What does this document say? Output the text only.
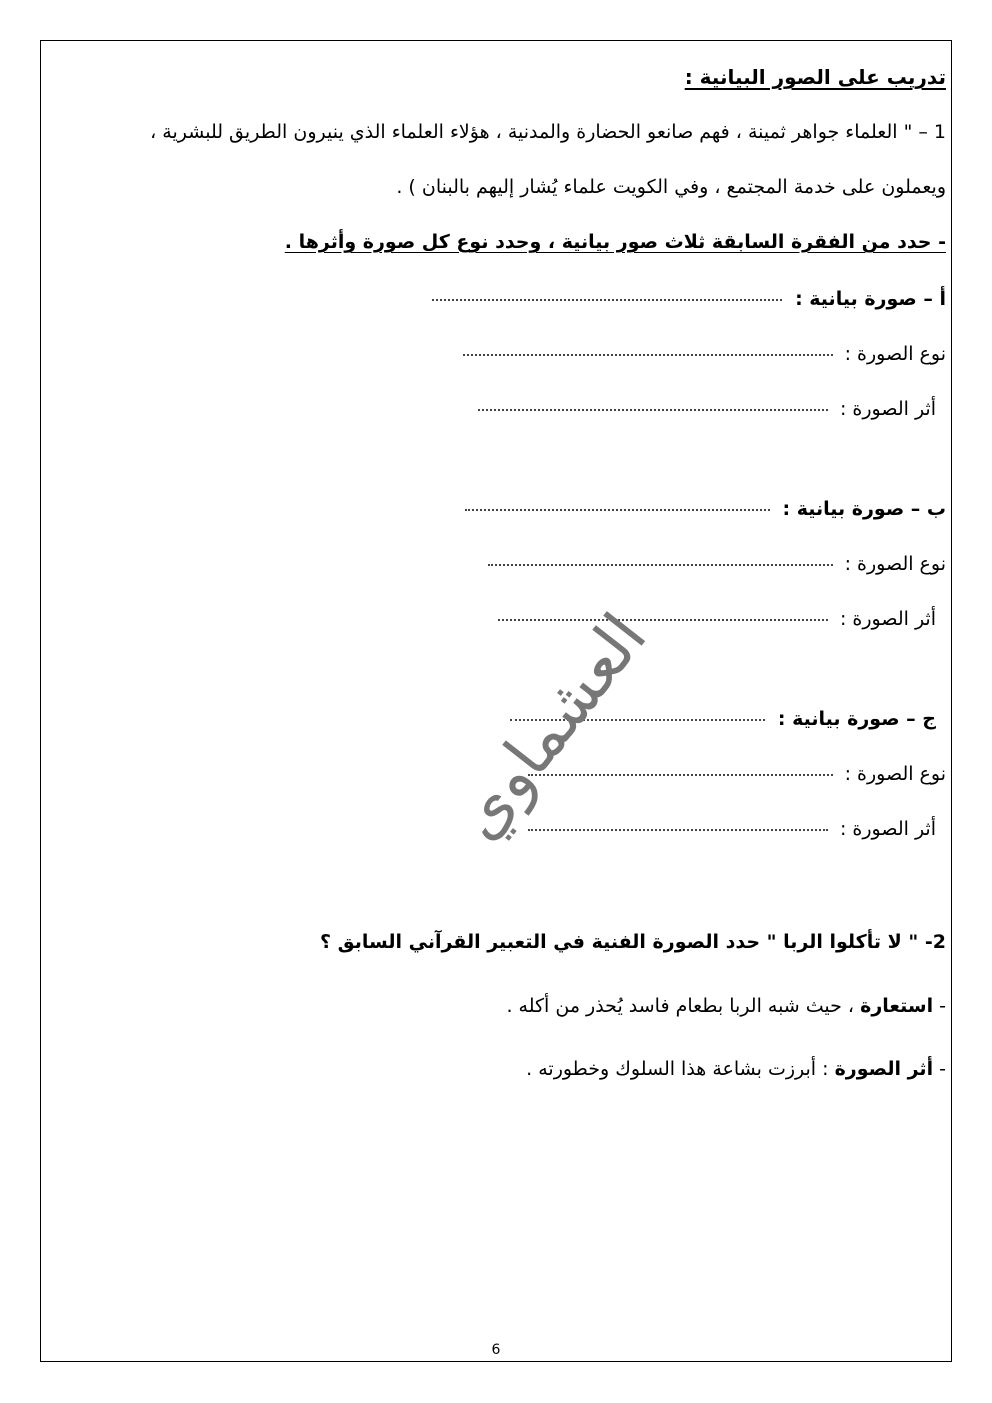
تدريب على الصور البيانية :
1 – " العلماء جواهر ثمينة ، فهم صانعو الحضارة والمدنية ، هؤلاء العلماء الذي ينيرون الطريق للبشرية ،
ويعملون على خدمة المجتمع ، وفي الكويت علماء يُشار إليهم بالبنان ) .
- حدد من الفقرة السابقة ثلاث صور بيانية ، وحدد نوع كل صورة وأثرها .
أ – صورة بيانية :
نوع الصورة :
أثر الصورة :
ب – صورة بيانية :
نوع الصورة :
أثر الصورة :
ج – صورة بيانية :
نوع الصورة :
أثر الصورة :
2- " لا تأكلوا الربا " حدد الصورة الفنية في التعبير القرآني السابق ؟
- استعارة ، حيث شبه الربا بطعام فاسد يُحذر من أكله .
- أثر الصورة : أبرزت بشاعة هذا السلوك وخطورته .
العشماوي
6
